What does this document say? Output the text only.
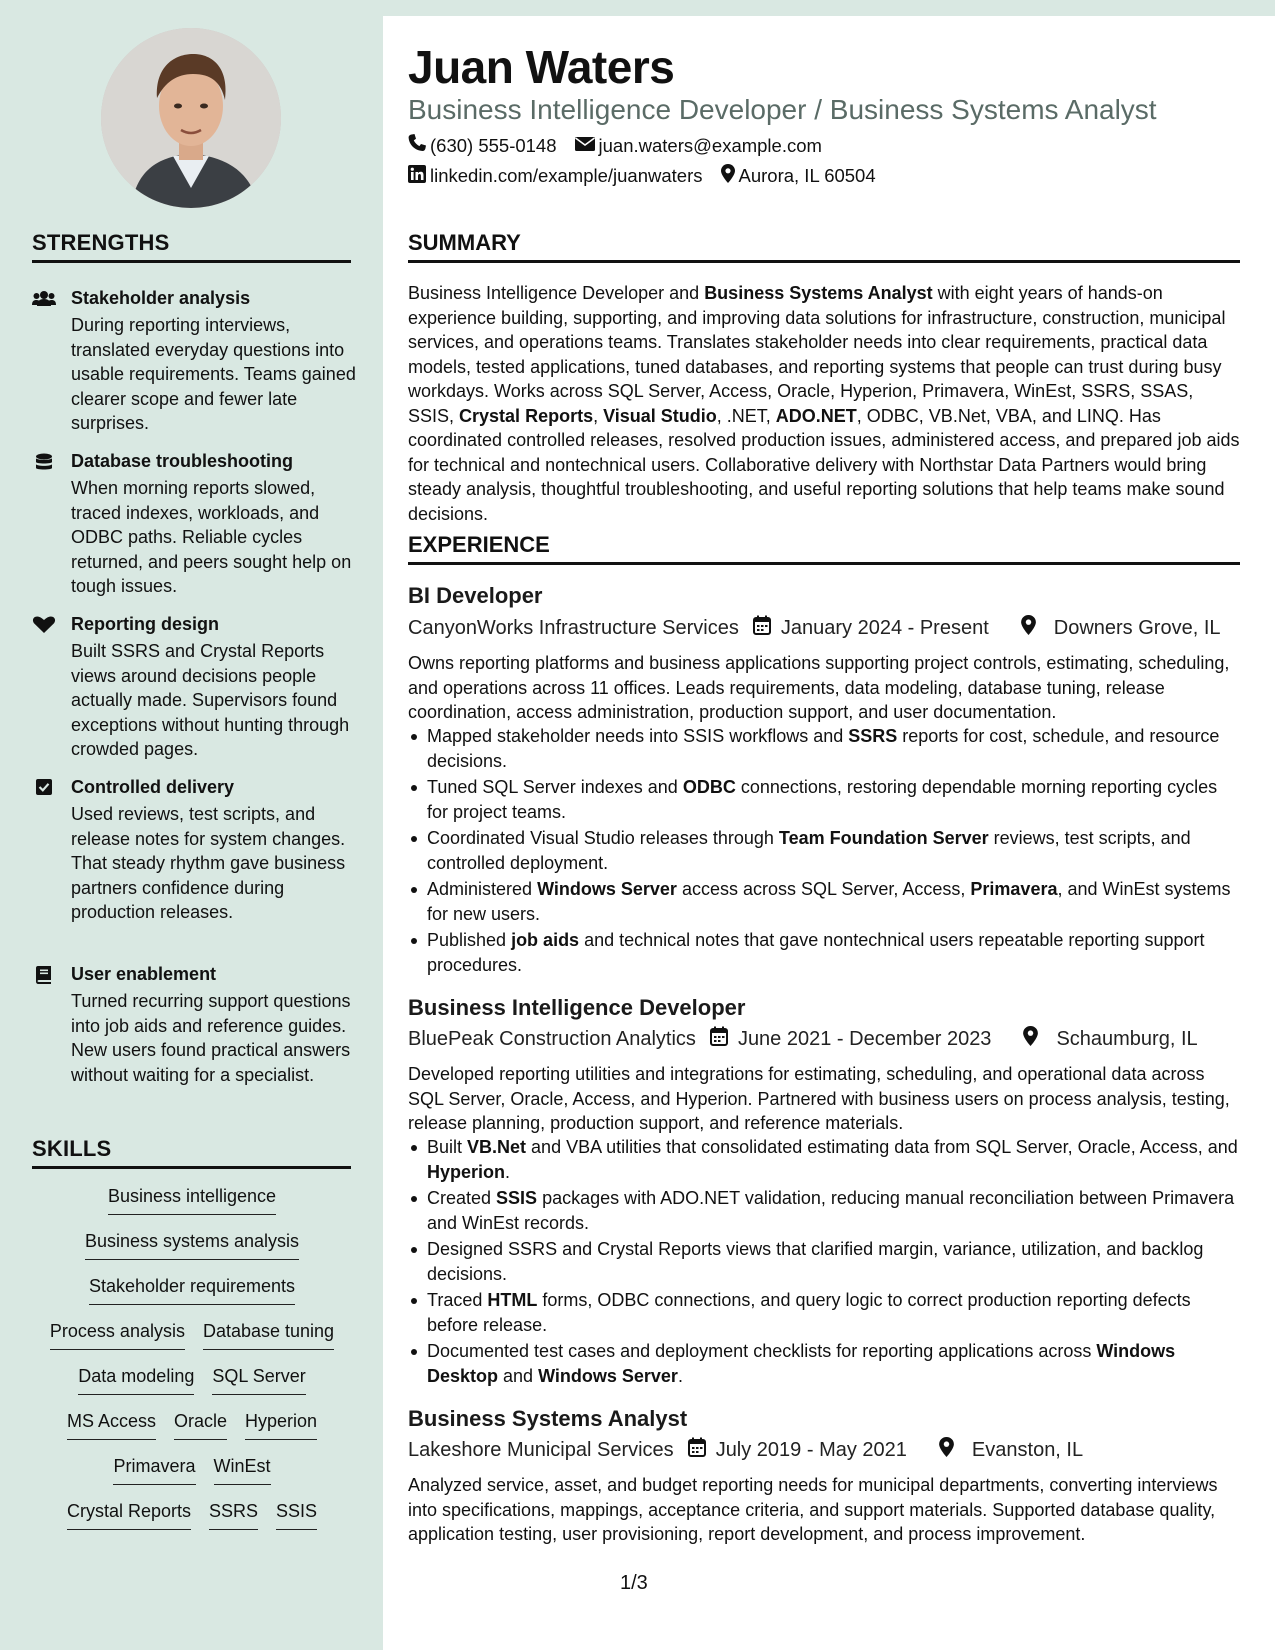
STRENGTHS
Stakeholder analysis
During reporting interviews, translated everyday questions into usable requirements. Teams gained clearer scope and fewer late surprises.
Database troubleshooting
When morning reports slowed, traced indexes, workloads, and ODBC paths. Reliable cycles returned, and peers sought help on tough issues.
Reporting design
Built SSRS and Crystal Reports views around decisions people actually made. Supervisors found exceptions without hunting through crowded pages.
Controlled delivery
Used reviews, test scripts, and release notes for system changes. That steady rhythm gave business partners confidence during production releases.
User enablement
Turned recurring support questions into job aids and reference guides. New users found practical answers without waiting for a specialist.
SKILLS
Business intelligence
Business systems analysis
Stakeholder requirements
Process analysis Database tuning
Data modeling SQL Server
MS Access Oracle Hyperion
Primavera WinEst
Crystal Reports SSRS SSIS
Juan Waters
Business Intelligence Developer / Business Systems Analyst
(630) 555-0148 juan.waters@example.com
linkedin.com/example/juanwaters Aurora, IL 60504
SUMMARY
Business Intelligence Developer and Business Systems Analyst with eight years of hands-on experience building, supporting, and improving data solutions for infrastructure, construction, municipal services, and operations teams. Translates stakeholder needs into clear requirements, practical data models, tested applications, tuned databases, and reporting systems that people can trust during busy workdays. Works across SQL Server, Access, Oracle, Hyperion, Primavera, WinEst, SSRS, SSAS, SSIS, Crystal Reports, Visual Studio, .NET, ADO.NET, ODBC, VB.Net, VBA, and LINQ. Has coordinated controlled releases, resolved production issues, administered access, and prepared job aids for technical and nontechnical users. Collaborative delivery with Northstar Data Partners would bring steady analysis, thoughtful troubleshooting, and useful reporting solutions that help teams make sound decisions.
EXPERIENCE
BI Developer
CanyonWorks Infrastructure Services January 2024 - Present	Downers Grove, IL
Owns reporting platforms and business applications supporting project controls, estimating, scheduling, and operations across 11 offices. Leads requirements, data modeling, database tuning, release coordination, access administration, production support, and user documentation.
Mapped stakeholder needs into SSIS workflows and SSRS reports for cost, schedule, and resource decisions.
Tuned SQL Server indexes and ODBC connections, restoring dependable morning reporting cycles for project teams.
Coordinated Visual Studio releases through Team Foundation Server reviews, test scripts, and controlled deployment.
Administered Windows Server access across SQL Server, Access, Primavera, and WinEst systems for new users.
Published job aids and technical notes that gave nontechnical users repeatable reporting support procedures.
Business Intelligence Developer
BluePeak Construction Analytics June 2021 - December 2023	Schaumburg, IL
Developed reporting utilities and integrations for estimating, scheduling, and operational data across SQL Server, Oracle, Access, and Hyperion. Partnered with business users on process analysis, testing, release planning, production support, and reference materials.
Built VB.Net and VBA utilities that consolidated estimating data from SQL Server, Oracle, Access, and Hyperion.
Created SSIS packages with ADO.NET validation, reducing manual reconciliation between Primavera and WinEst records.
Designed SSRS and Crystal Reports views that clarified margin, variance, utilization, and backlog decisions.
Traced HTML forms, ODBC connections, and query logic to correct production reporting defects before release.
Documented test cases and deployment checklists for reporting applications across Windows Desktop and Windows Server.
Business Systems Analyst
Lakeshore Municipal Services July 2019 - May 2021	Evanston, IL
Analyzed service, asset, and budget reporting needs for municipal departments, converting interviews into specifications, mappings, acceptance criteria, and support materials. Supported database quality, application testing, user provisioning, report development, and process improvement.
1/3
